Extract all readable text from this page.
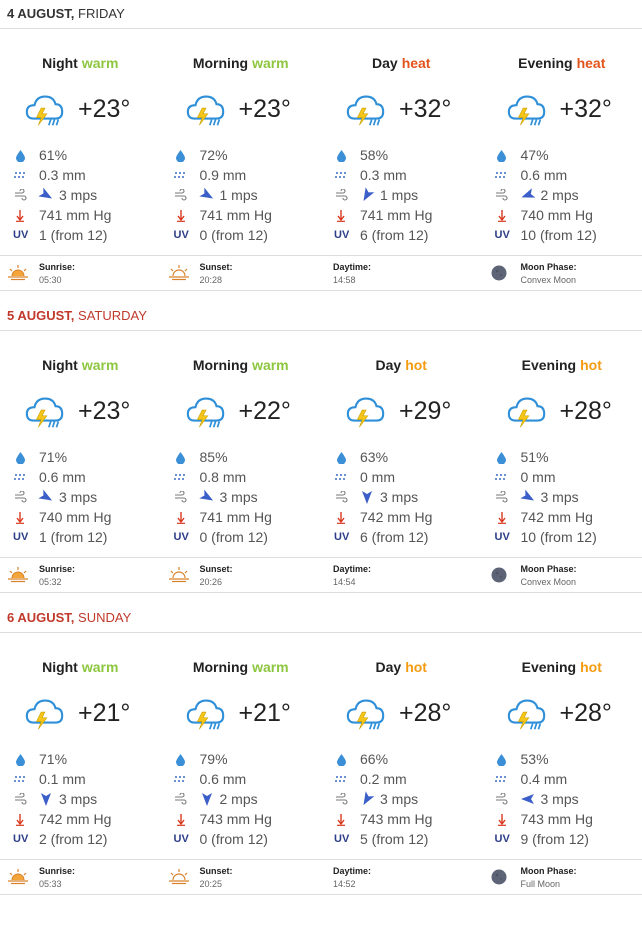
4 AUGUST, FRIDAY
Night warm
+23°
61%
0.3 mm
3 mps
741 mm Hg
UV 1 (from 12)
Morning warm
+23°
72%
0.9 mm
1 mps
741 mm Hg
UV 0 (from 12)
Day heat
+32°
58%
0.3 mm
1 mps
741 mm Hg
UV 6 (from 12)
Evening heat
+32°
47%
0.6 mm
2 mps
740 mm Hg
UV 10 (from 12)
Sunrise:
05:30
Sunset:
20:28
Daytime:
14:58
Moon Phase:
Convex Moon
5 AUGUST, SATURDAY
Night warm
+23°
71%
0.6 mm
3 mps
740 mm Hg
UV 1 (from 12)
Morning warm
+22°
85%
0.8 mm
3 mps
741 mm Hg
UV 0 (from 12)
Day hot
+29°
63%
0 mm
3 mps
742 mm Hg
UV 6 (from 12)
Evening hot
+28°
51%
0 mm
3 mps
742 mm Hg
UV 10 (from 12)
Sunrise:
05:32
Sunset:
20:26
Daytime:
14:54
Moon Phase:
Convex Moon
6 AUGUST, SUNDAY
Night warm
+21°
71%
0.1 mm
3 mps
742 mm Hg
UV 2 (from 12)
Morning warm
+21°
79%
0.6 mm
2 mps
743 mm Hg
UV 0 (from 12)
Day hot
+28°
66%
0.2 mm
3 mps
743 mm Hg
UV 5 (from 12)
Evening hot
+28°
53%
0.4 mm
3 mps
743 mm Hg
UV 9 (from 12)
Sunrise:
05:33
Sunset:
20:25
Daytime:
14:52
Moon Phase:
Full Moon
